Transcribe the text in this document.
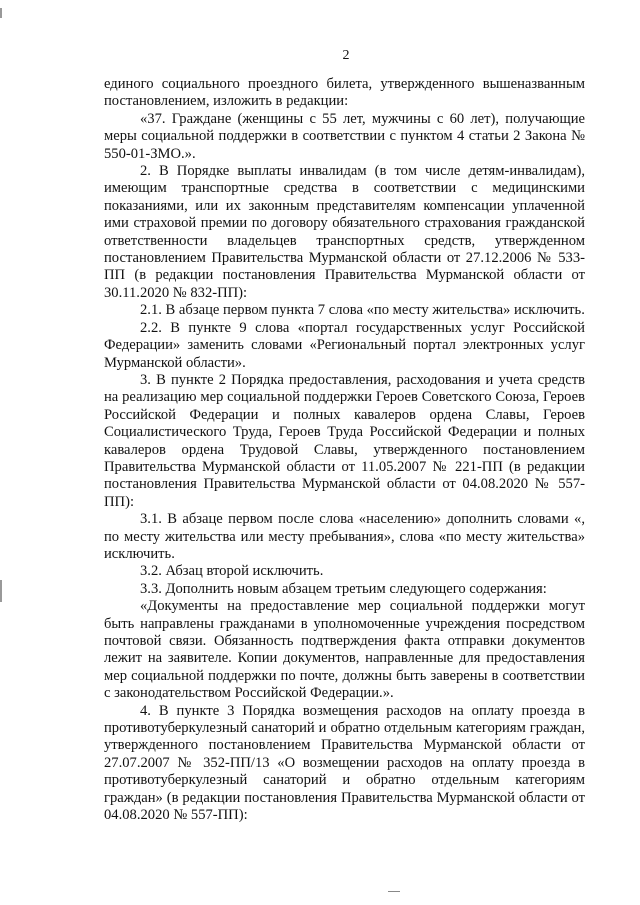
2

единого социального проездного билета, утвержденного вышеназванным постановлением, изложить в редакции:

«37. Граждане (женщины с 55 лет, мужчины с 60 лет), получающие меры социальной поддержки в соответствии с пунктом 4 статьи 2 Закона № 550-01-ЗМО.».

2. В Порядке выплаты инвалидам (в том числе детям-инвалидам), имеющим транспортные средства в соответствии с медицинскими показаниями, или их законным представителям компенсации уплаченной ими страховой премии по договору обязательного страхования гражданской ответственности владельцев транспортных средств, утвержденном постановлением Правительства Мурманской области от 27.12.2006 № 533-ПП (в редакции постановления Правительства Мурманской области от 30.11.2020 № 832-ПП):

2.1. В абзаце первом пункта 7 слова «по месту жительства» исключить.

2.2. В пункте 9 слова «портал государственных услуг Российской Федерации» заменить словами «Региональный портал электронных услуг Мурманской области».

3. В пункте 2 Порядка предоставления, расходования и учета средств на реализацию мер социальной поддержки Героев Советского Союза, Героев Российской Федерации и полных кавалеров ордена Славы, Героев Социалистического Труда, Героев Труда Российской Федерации и полных кавалеров ордена Трудовой Славы, утвержденного постановлением Правительства Мурманской области от 11.05.2007 № 221-ПП (в редакции постановления Правительства Мурманской области от 04.08.2020 № 557-ПП):

3.1. В абзаце первом после слова «населению» дополнить словами «, по месту жительства или месту пребывания», слова «по месту жительства» исключить.

3.2. Абзац второй исключить.

3.3. Дополнить новым абзацем третьим следующего содержания:

«Документы на предоставление мер социальной поддержки могут быть направлены гражданами в уполномоченные учреждения посредством почтовой связи. Обязанность подтверждения факта отправки документов лежит на заявителе. Копии документов, направленные для предоставления мер социальной поддержки по почте, должны быть заверены в соответствии с законодательством Российской Федерации.».

4. В пункте 3 Порядка возмещения расходов на оплату проезда в противотуберкулезный санаторий и обратно отдельным категориям граждан, утвержденного постановлением Правительства Мурманской области от 27.07.2007 № 352-ПП/13 «О возмещении расходов на оплату проезда в противотуберкулезный санаторий и обратно отдельным категориям граждан» (в редакции постановления Правительства Мурманской области от 04.08.2020 № 557-ПП):
